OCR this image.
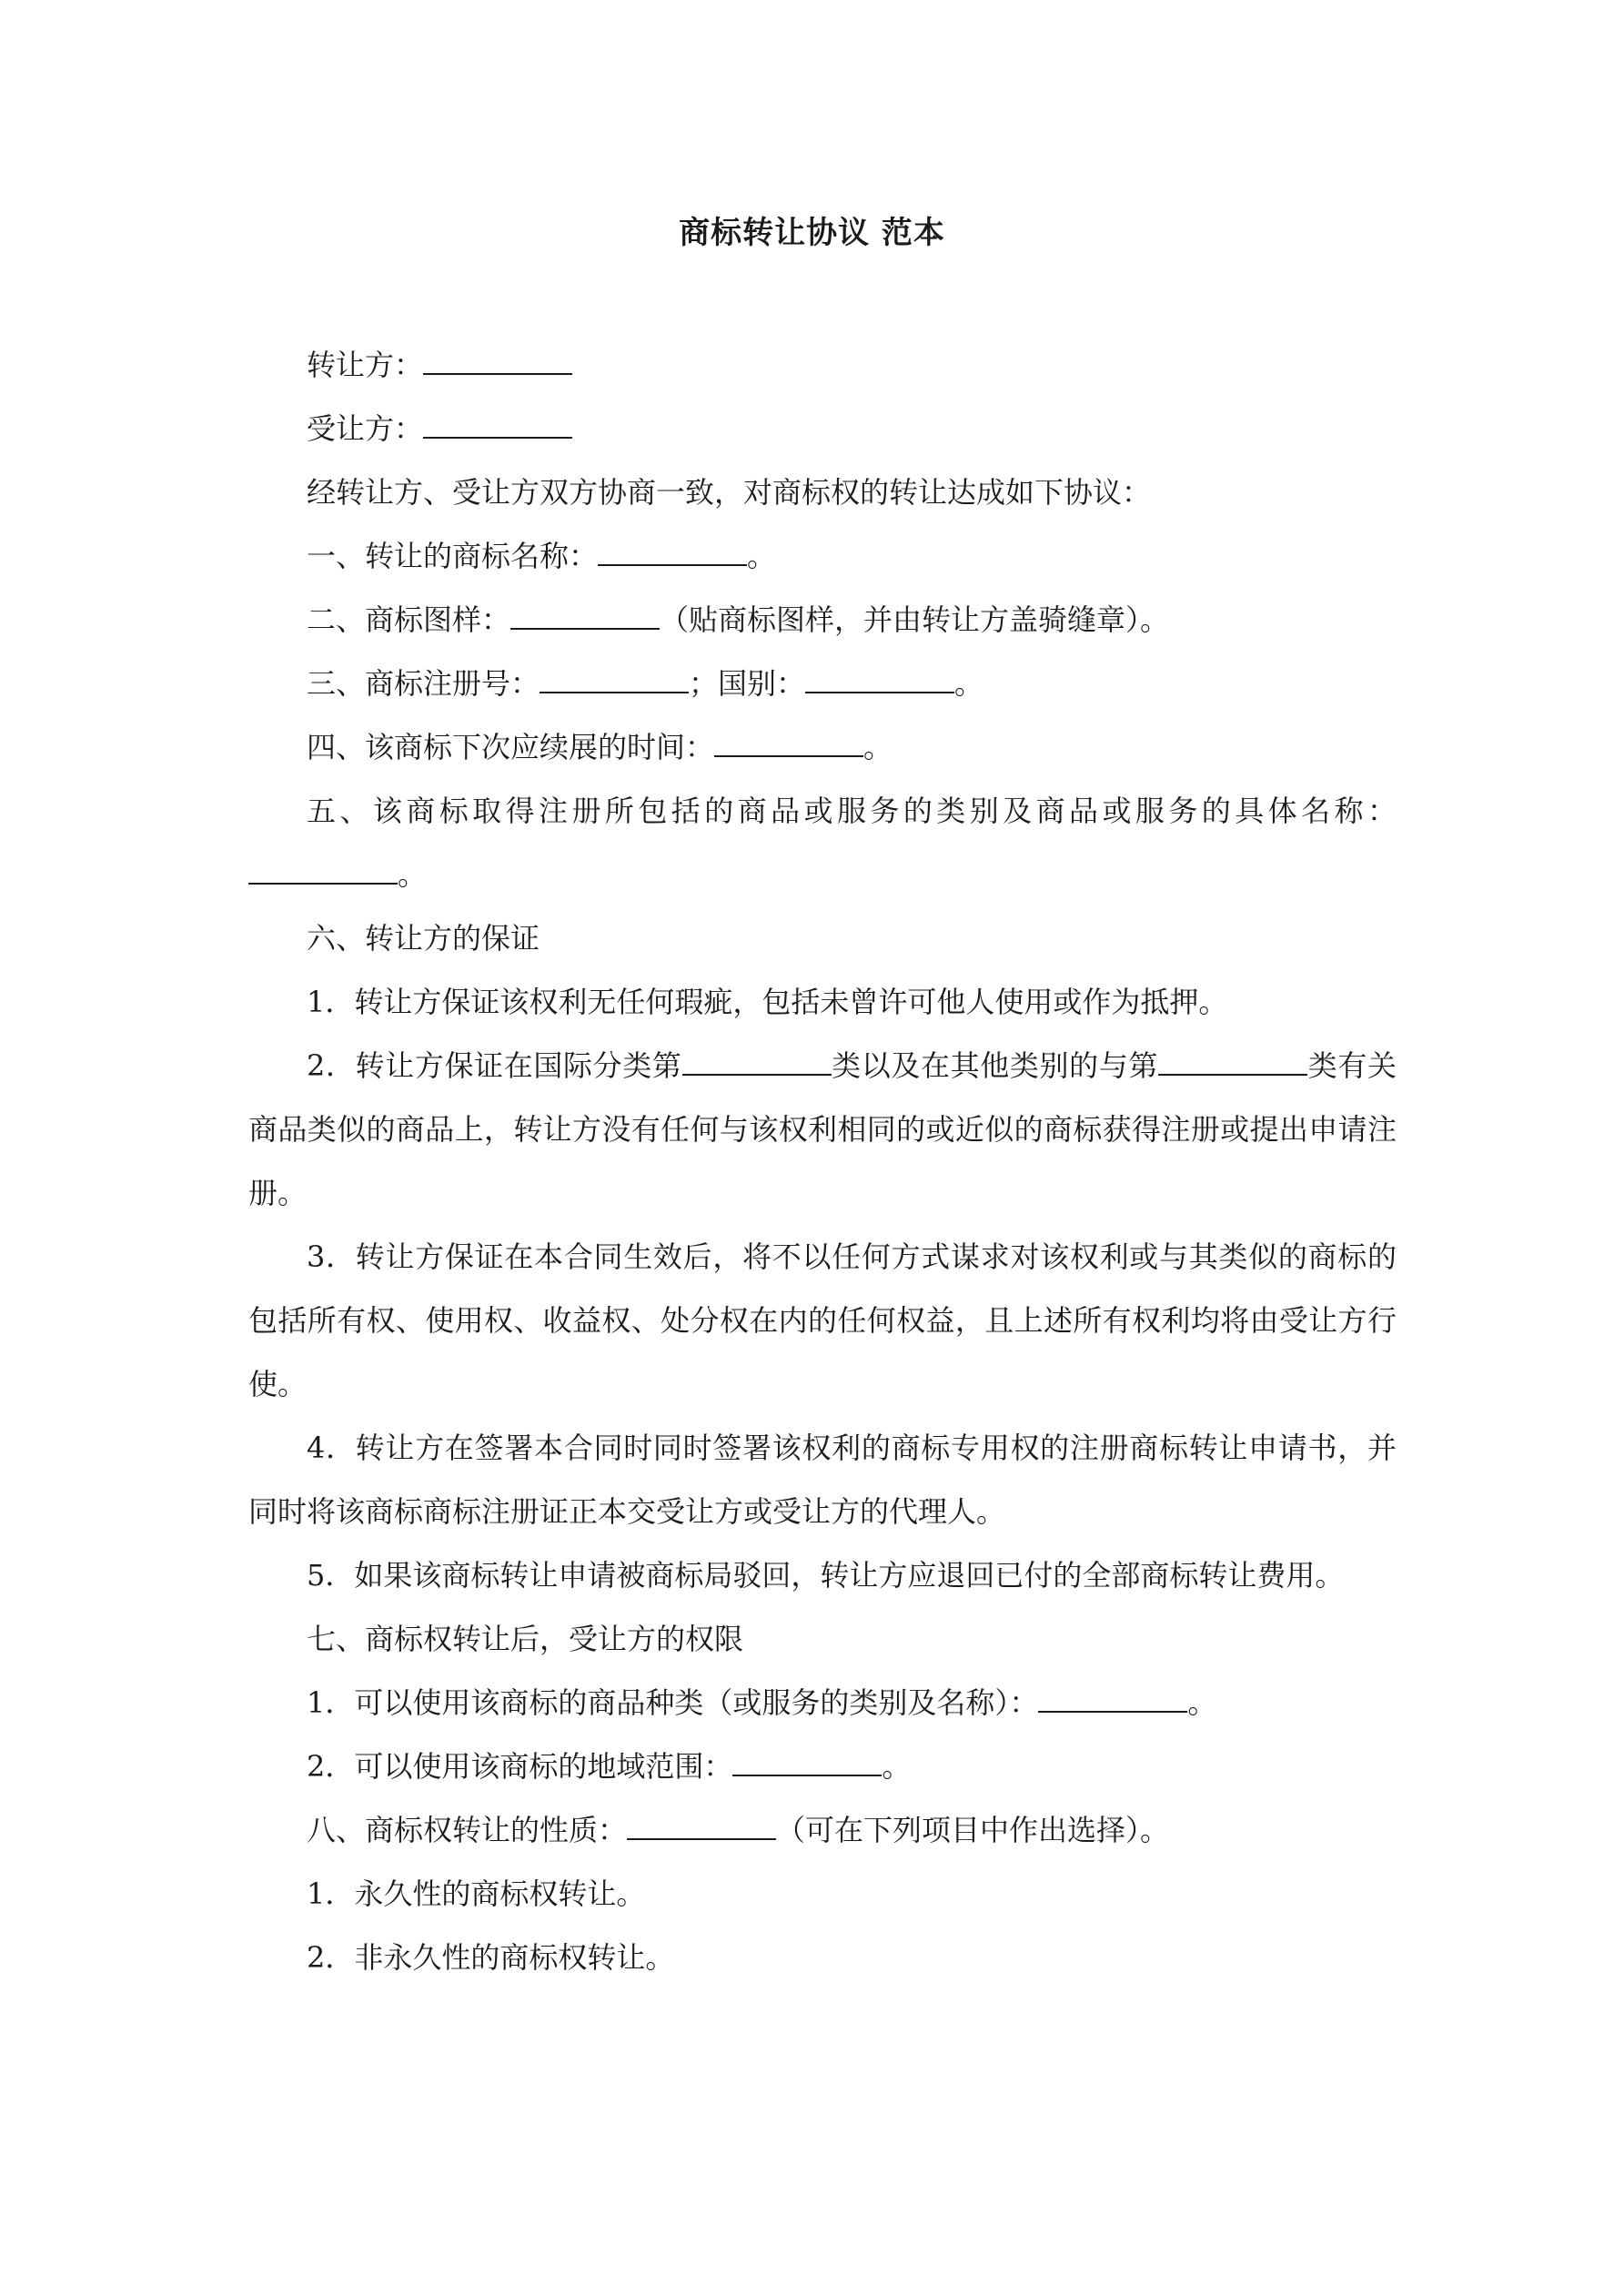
商标转让协议 范本

转让方：

受让方：

经转让方、受让方双方协商一致，对商标权的转让达成如下协议：

一、转让的商标名称：	。

二、商标图样：	（贴商标图样，并由转让方盖骑缝章）。

三、商标注册号：	；国别：	。

四、该商标下次应续展的时间：	。

五、该商标取得注册所包括的商品或服务的类别及商品或服务的具体名称：。

六、转让方的保证

1．转让方保证该权利无任何瑕疵，包括未曾许可他人使用或作为抵押。

2．转让方保证在国际分类第	类以及在其他类别的与第	类有关商品类似的商品上，转让方没有任何与该权利相同的或近似的商标获得注册或提出申请注册。

3．转让方保证在本合同生效后，将不以任何方式谋求对该权利或与其类似的商标的包括所有权、使用权、收益权、处分权在内的任何权益，且上述所有权利均将由受让方行使。

4．转让方在签署本合同时同时签署该权利的商标专用权的注册商标转让申请书，并同时将该商标商标注册证正本交受让方或受让方的代理人。

5．如果该商标转让申请被商标局驳回，转让方应退回已付的全部商标转让费用。

七、商标权转让后，受让方的权限

1．可以使用该商标的商品种类（或服务的类别及名称）：	。

2．可以使用该商标的地域范围：	。

八、商标权转让的性质：	（可在下列项目中作出选择）。

1．永久性的商标权转让。

2．非永久性的商标权转让。
